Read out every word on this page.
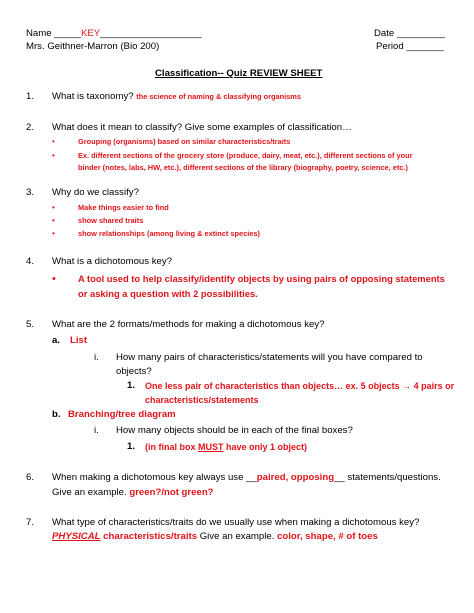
Name _____KEY___________________	Date _________
Mrs. Geithner-Marron (Bio 200)	Period _______
Classification-- Quiz REVIEW SHEET
1. What is taxonomy? the science of naming & classifying organisms
2. What does it mean to classify? Give some examples of classification…
•	Grouping (organisms) based on similar characteristics/traits
•	Ex. different sections of the grocery store (produce, dairy, meat, etc.), different sections of your
binder (notes, labs, HW, etc.), different sections of the library (biography, poetry, science, etc.)
3. Why do we classify?
•	Make things easier to find
•	show shared traits
•	show relationships (among living & extinct species)
4. What is a dichotomous key?
• A tool used to help classify/identify objects by using pairs of opposing statements
or asking a question with 2 possibilities.
5. What are the 2 formats/methods for making a dichotomous key?
a. List
i. How many pairs of characteristics/statements will you have compared to
objects?
1. One less pair of characteristics than objects… ex. 5 objects → 4 pairs or
characteristics/statements
b. Branching/tree diagram
i. How many objects should be in each of the final boxes?
1. (in final box MUST have only 1 object)
6. When making a dichotomous key always use __paired, opposing__ statements/questions.
Give an example. green?/not green?
7. What type of characteristics/traits do we usually use when making a dichotomous key?
PHYSICAL characteristics/traits Give an example. color, shape, # of toes
